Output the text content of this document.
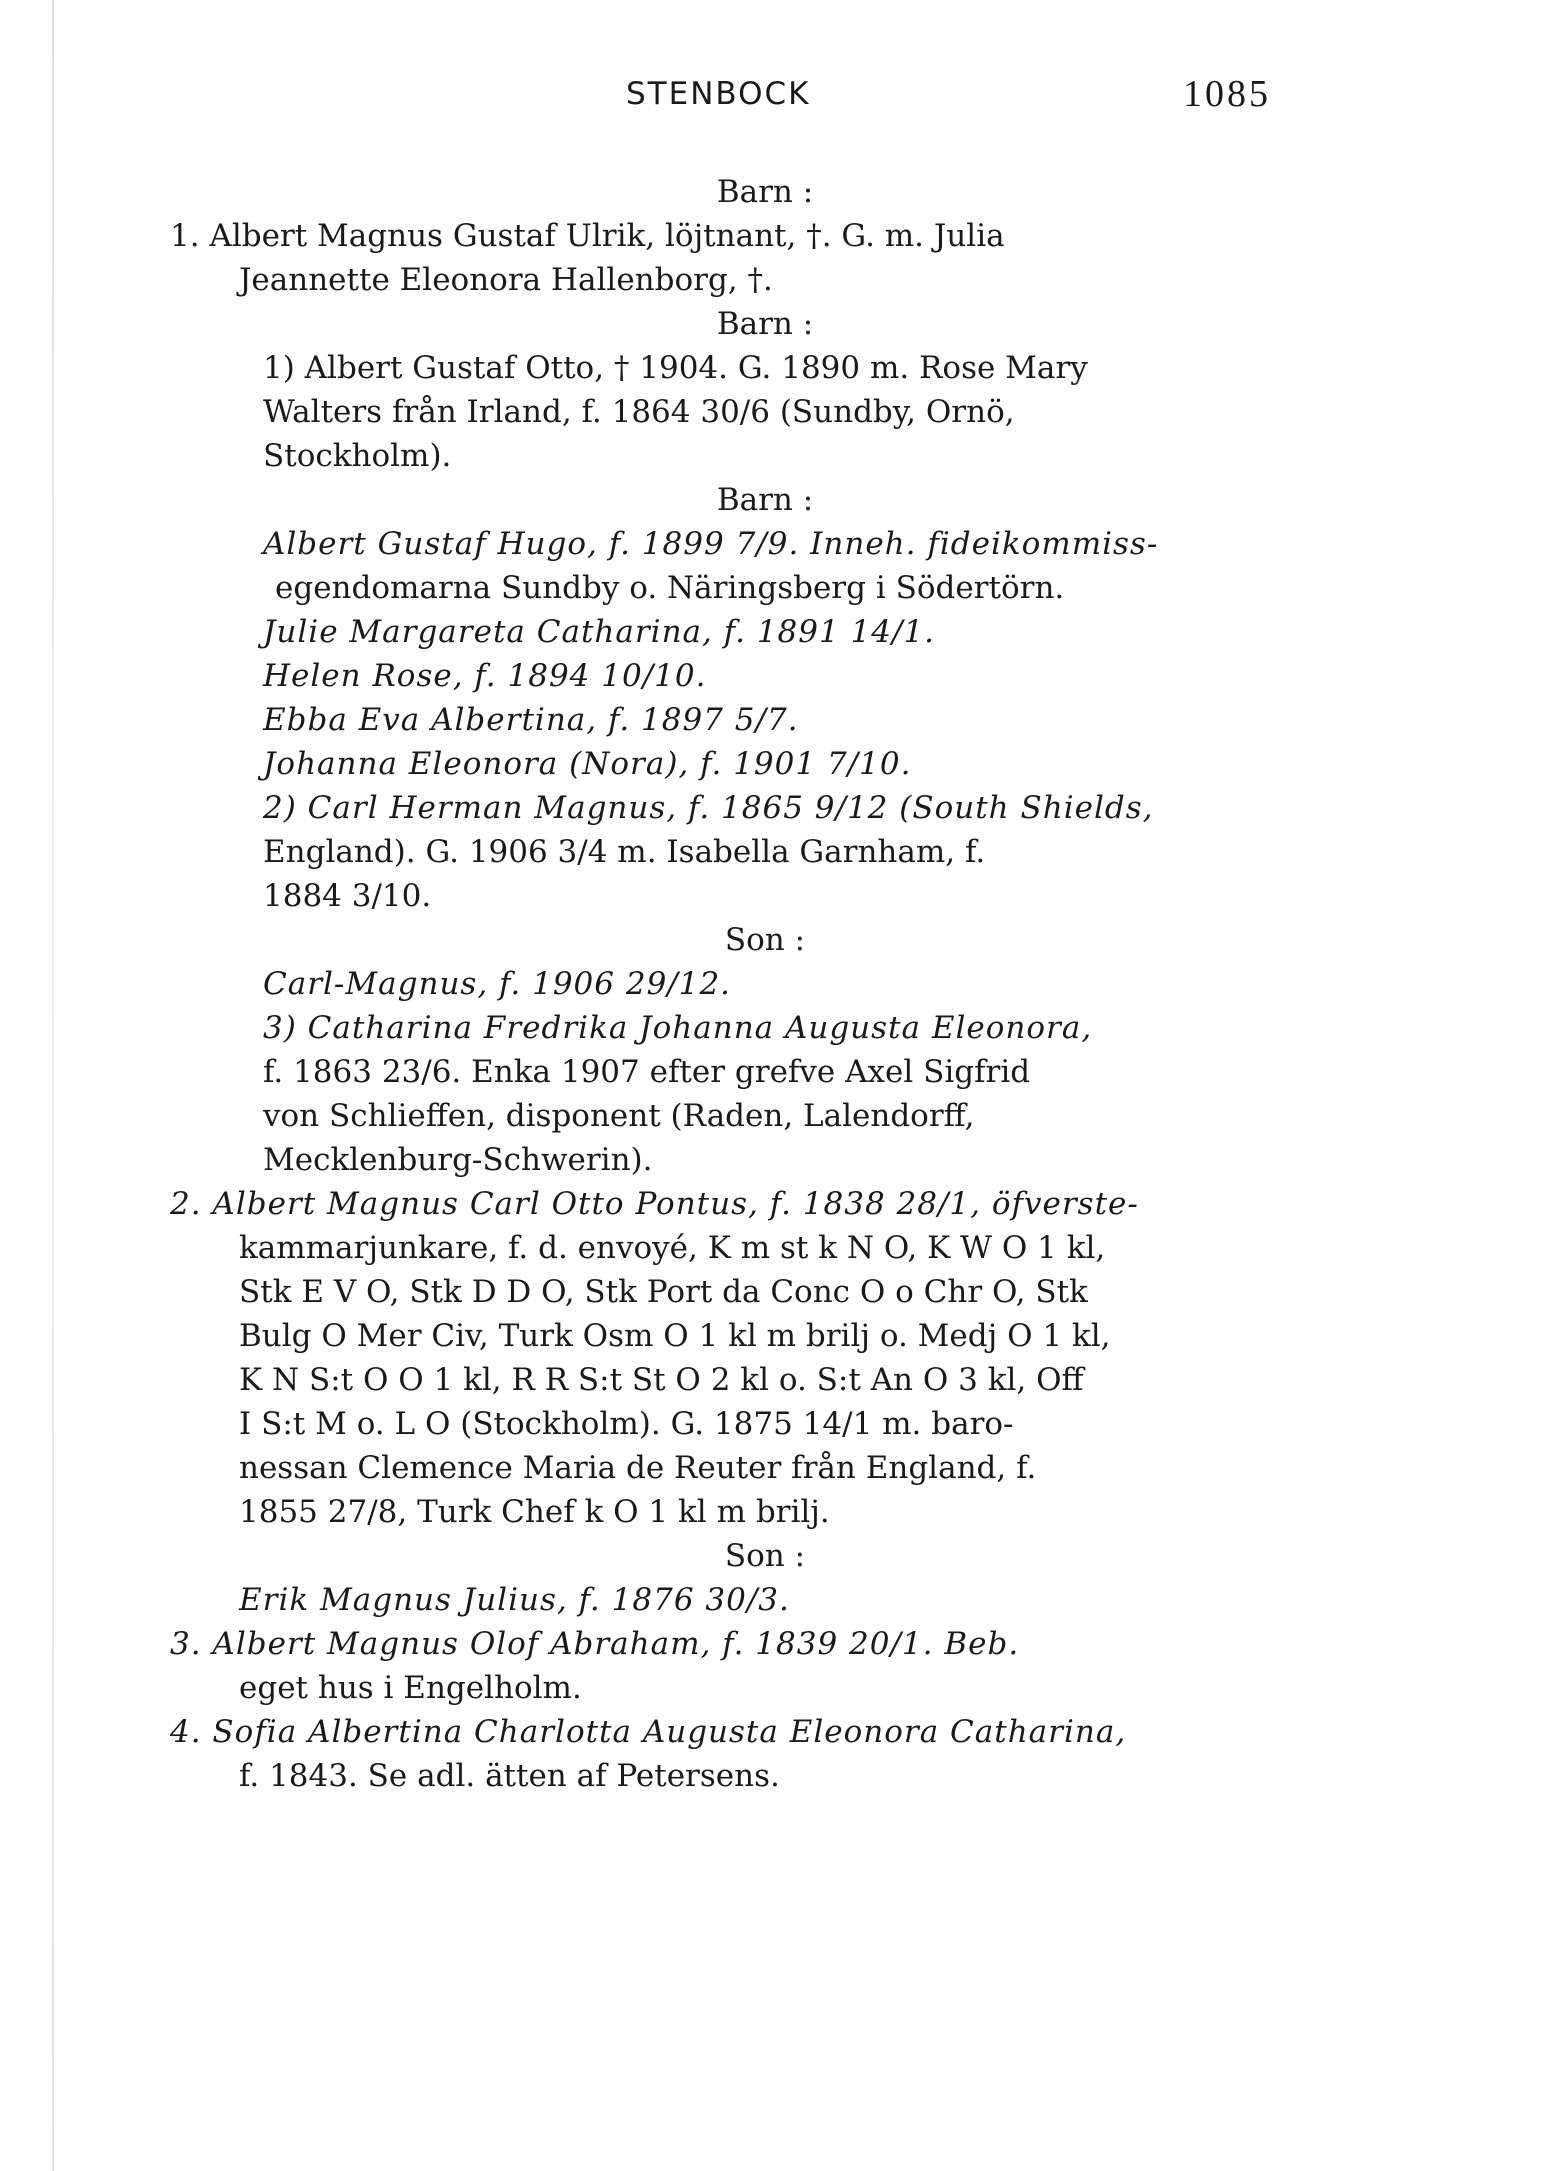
STENBOCK	1085
Barn :
1. Albert Magnus Gustaf Ulrik, löjtnant, †. G. m. Julia
Jeannette Eleonora Hallenborg, †.
Barn :
1) Albert Gustaf Otto, † 1904. G. 1890 m. Rose Mary
Walters från Irland, f. 1864 30/6 (Sundby, Ornö,
Stockholm).
Barn :
Albert Gustaf Hugo, f. 1899 7/9. Inneh. fideikommiss-
egendomarna Sundby o. Näringsberg i Södertörn.
Julie Margareta Catharina, f. 1891 14/1.
Helen Rose, f. 1894 10/10.
Ebba Eva Albertina, f. 1897 5/7.
Johanna Eleonora (Nora), f. 1901 7/10.
2) Carl Herman Magnus, f. 1865 9/12 (South Shields,
England). G. 1906 3/4 m. Isabella Garnham, f.
1884 3/10.
Son :
Carl-Magnus, f. 1906 29/12.
3) Catharina Fredrika Johanna Augusta Eleonora,
f. 1863 23/6. Enka 1907 efter grefve Axel Sigfrid
von Schlieffen, disponent (Raden, Lalendorff,
Mecklenburg-Schwerin).
2. Albert Magnus Carl Otto Pontus, f. 1838 28/1, öfverste-
kammarjunkare, f. d. envoyé, K m st k N O, K W O 1 kl,
Stk E V O, Stk D D O, Stk Port da Conc O o Chr O, Stk
Bulg O Mer Civ, Turk Osm O 1 kl m brilj o. Medj O 1 kl,
K N S:t O O 1 kl, R R S:t St O 2 kl o. S:t An O 3 kl, Off
I S:t M o. L O (Stockholm). G. 1875 14/1 m. baro-
nessan Clemence Maria de Reuter från England, f.
1855 27/8, Turk Chef k O 1 kl m brilj.
Son :
Erik Magnus Julius, f. 1876 30/3.
3. Albert Magnus Olof Abraham, f. 1839 20/1. Beb.
eget hus i Engelholm.
4. Sofia Albertina Charlotta Augusta Eleonora Catharina,
f. 1843. Se adl. ätten af Petersens.
